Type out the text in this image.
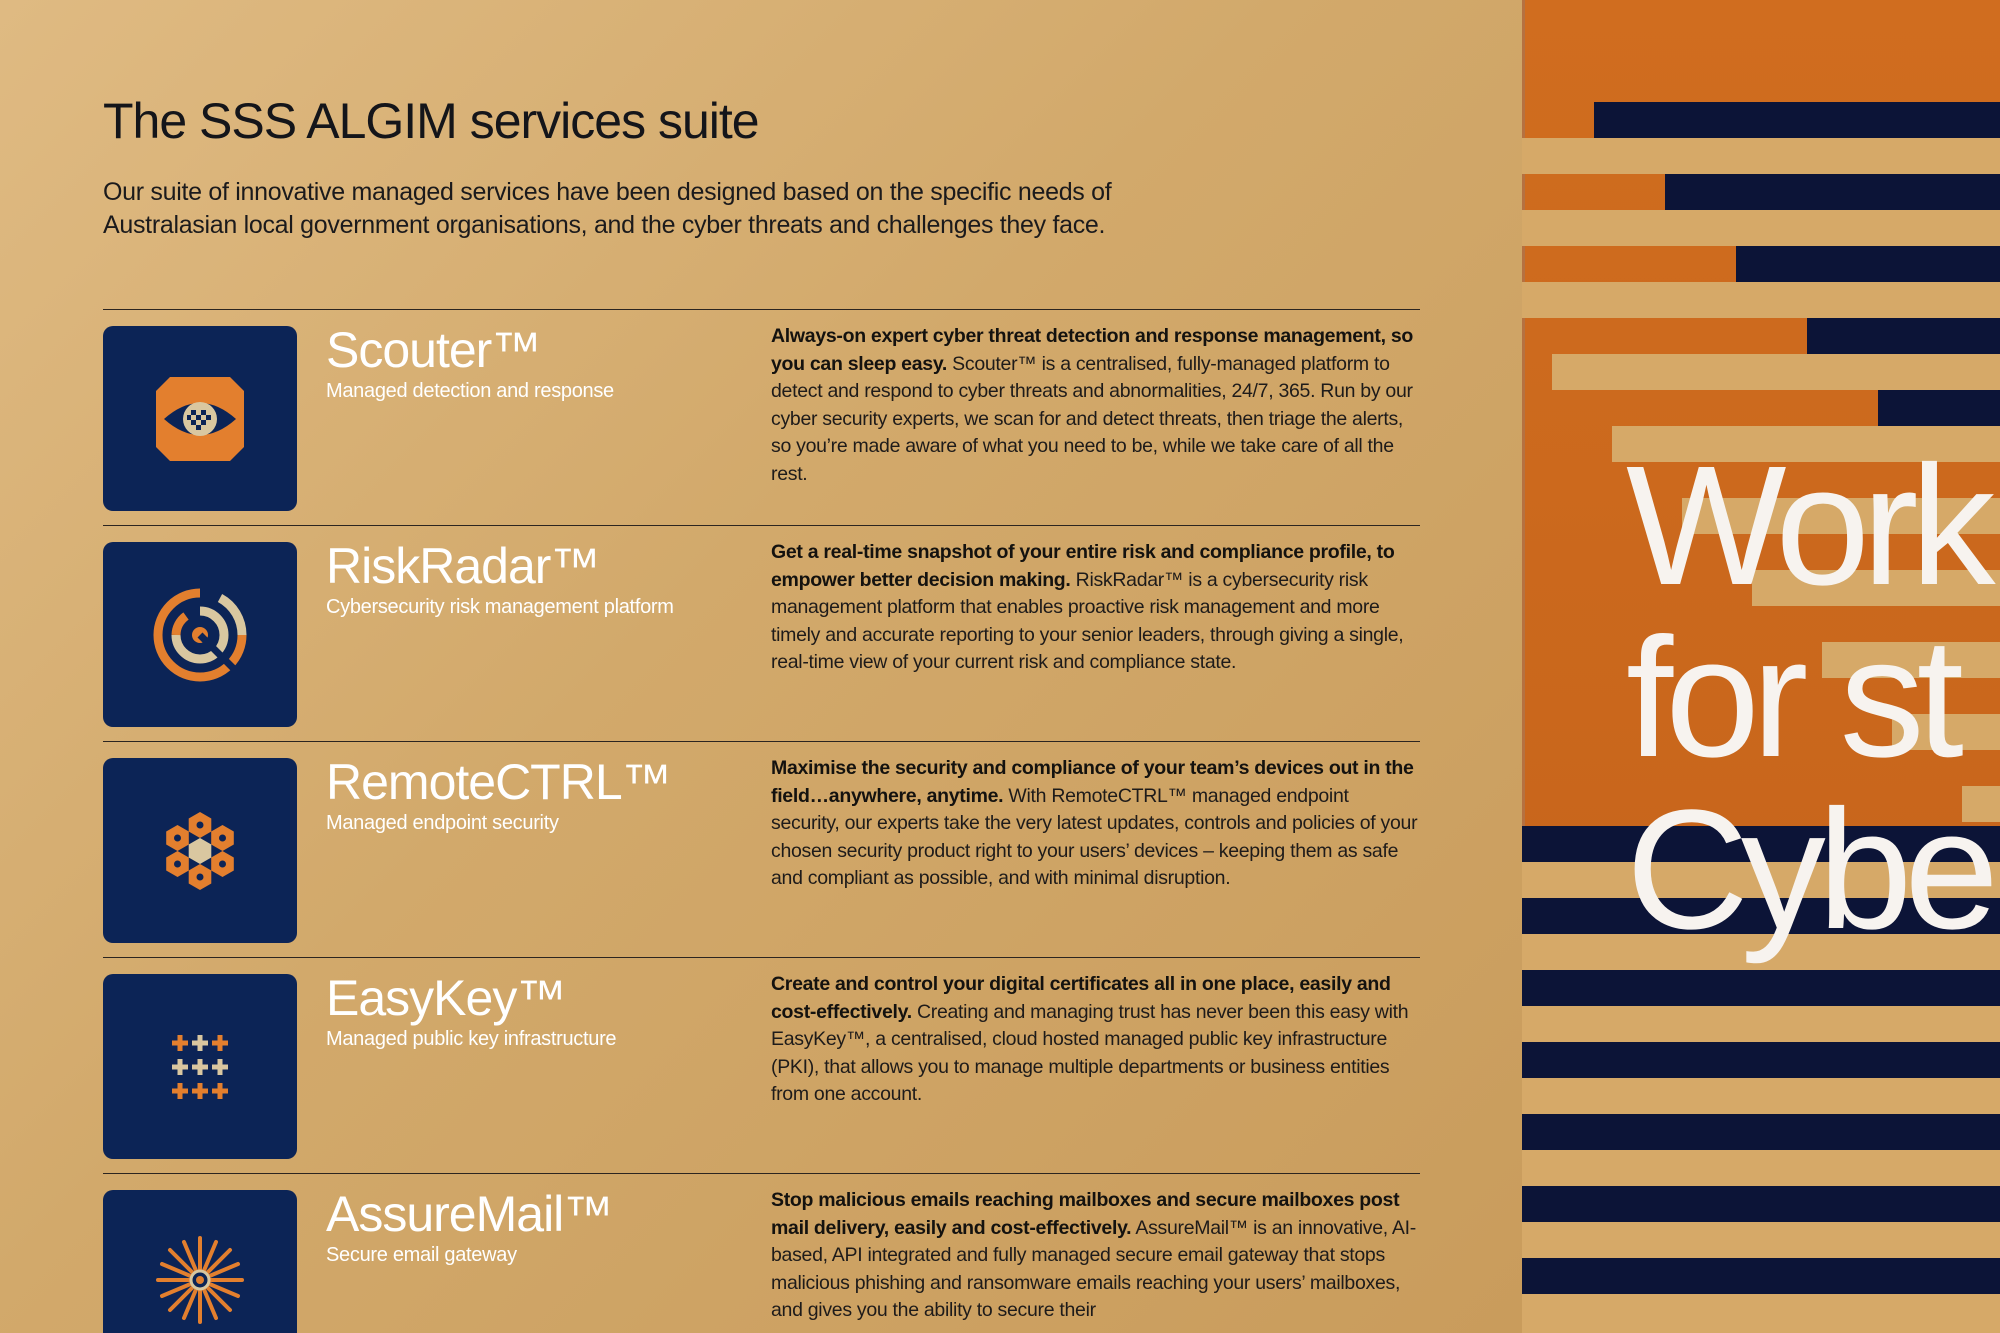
The SSS ALGIM services suite

Our suite of innovative managed services have been designed based on the specific needs of Australasian local government organisations, and the cyber threats and challenges they face.

Scouter™
Managed detection and response

Always-on expert cyber threat detection and response management, so you can sleep easy. Scouter™ is a centralised, fully-managed platform to detect and respond to cyber threats and abnormalities, 24/7, 365. Run by our cyber security experts, we scan for and detect threats, then triage the alerts, so you’re made aware of what you need to be, while we take care of all the rest.

RiskRadar™
Cybersecurity risk management platform

Get a real-time snapshot of your entire risk and compliance profile, to empower better decision making. RiskRadar™ is a cybersecurity risk management platform that enables proactive risk management and more timely and accurate reporting to your senior leaders, through giving a single, real-time view of your current risk and compliance state.

RemoteCTRL™
Managed endpoint security

Maximise the security and compliance of your team’s devices out in the field…anywhere, anytime. With RemoteCTRL™ managed endpoint security, our experts take the very latest updates, controls and policies of your chosen security product right to your users’ devices – keeping them as safe and compliant as possible, and with minimal disruption.

EasyKey™
Managed public key infrastructure

Create and control your digital certificates all in one place, easily and cost-effectively. Creating and managing trust has never been this easy with EasyKey™, a centralised, cloud hosted managed public key infrastructure (PKI), that allows you to manage multiple departments or business entities from one account.

AssureMail™
Secure email gateway

Stop malicious emails reaching mailboxes and secure mailboxes post mail delivery, easily and cost-effectively. AssureMail™ is an innovative, AI-based, API integrated and fully managed secure email gateway that stops malicious phishing and ransomware emails reaching your users’ mailboxes, and gives you the ability to secure their

Work
for st
Cybe
